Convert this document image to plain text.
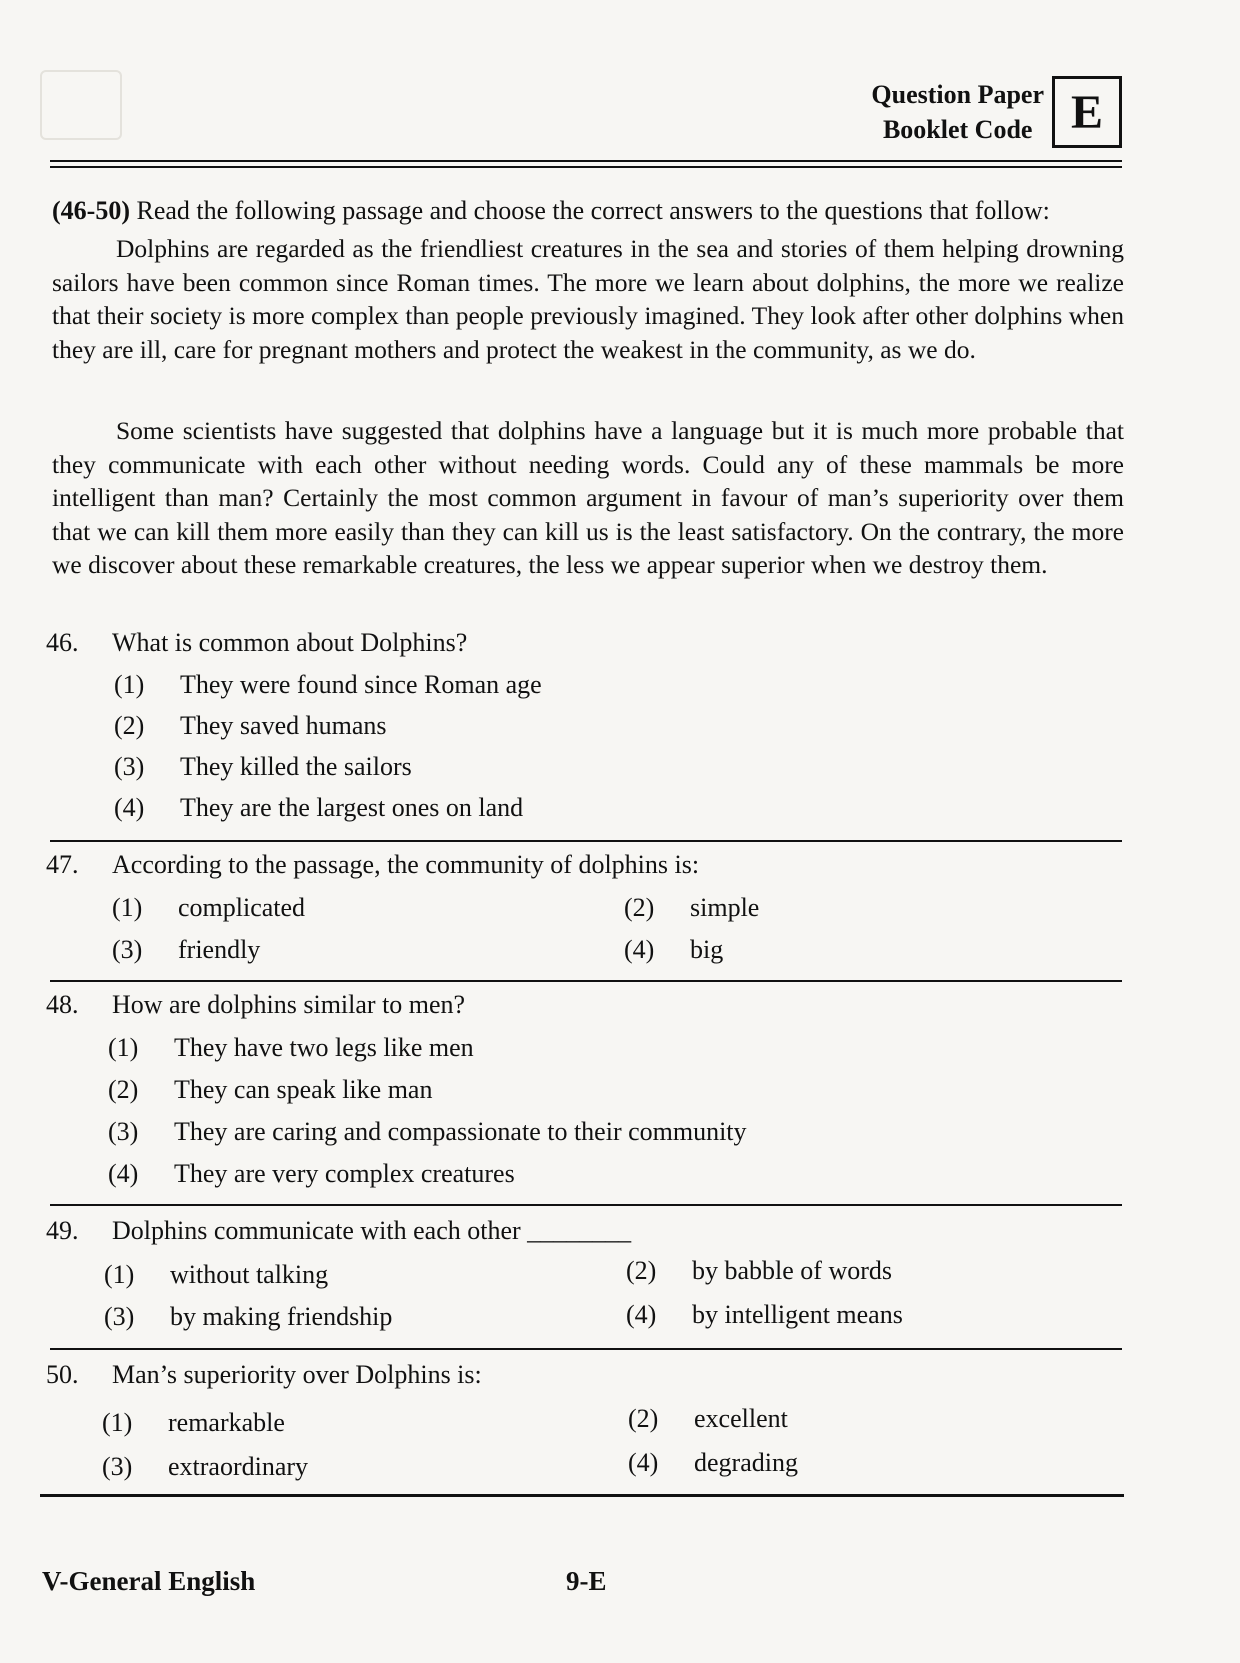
Question Paper
Booklet Code E
(46-50) Read the following passage and choose the correct answers to the questions that follow:

Dolphins are regarded as the friendliest creatures in the sea and stories of them helping drowning sailors have been common since Roman times. The more we learn about dolphins, the more we realize that their society is more complex than people previously imagined. They look after other dolphins when they are ill, care for pregnant mothers and protect the weakest in the community, as we do.

Some scientists have suggested that dolphins have a language but it is much more probable that they communicate with each other without needing words. Could any of these mammals be more intelligent than man? Certainly the most common argument in favour of man’s superiority over them that we can kill them more easily than they can kill us is the least satisfactory. On the contrary, the more we discover about these remarkable creatures, the less we appear superior when we destroy them.

46.	What is common about Dolphins?
(1)	They were found since Roman age
(2)	They saved humans
(3)	They killed the sailors
(4)	They are the largest ones on land
47.	According to the passage, the community of dolphins is:
(1)	complicated	(2)	simple
(3)	friendly	(4)	big
48.	How are dolphins similar to men?
(1)	They have two legs like men
(2)	They can speak like man
(3)	They are caring and compassionate to their community
(4)	They are very complex creatures
49.	Dolphins communicate with each other ________
(1)	without talking	(2)	by babble of words
(3)	by making friendship	(4)	by intelligent means
50.	Man’s superiority over Dolphins is:
(1)	remarkable	(2)	excellent
(3)	extraordinary	(4)	degrading
V-General English	9-E
